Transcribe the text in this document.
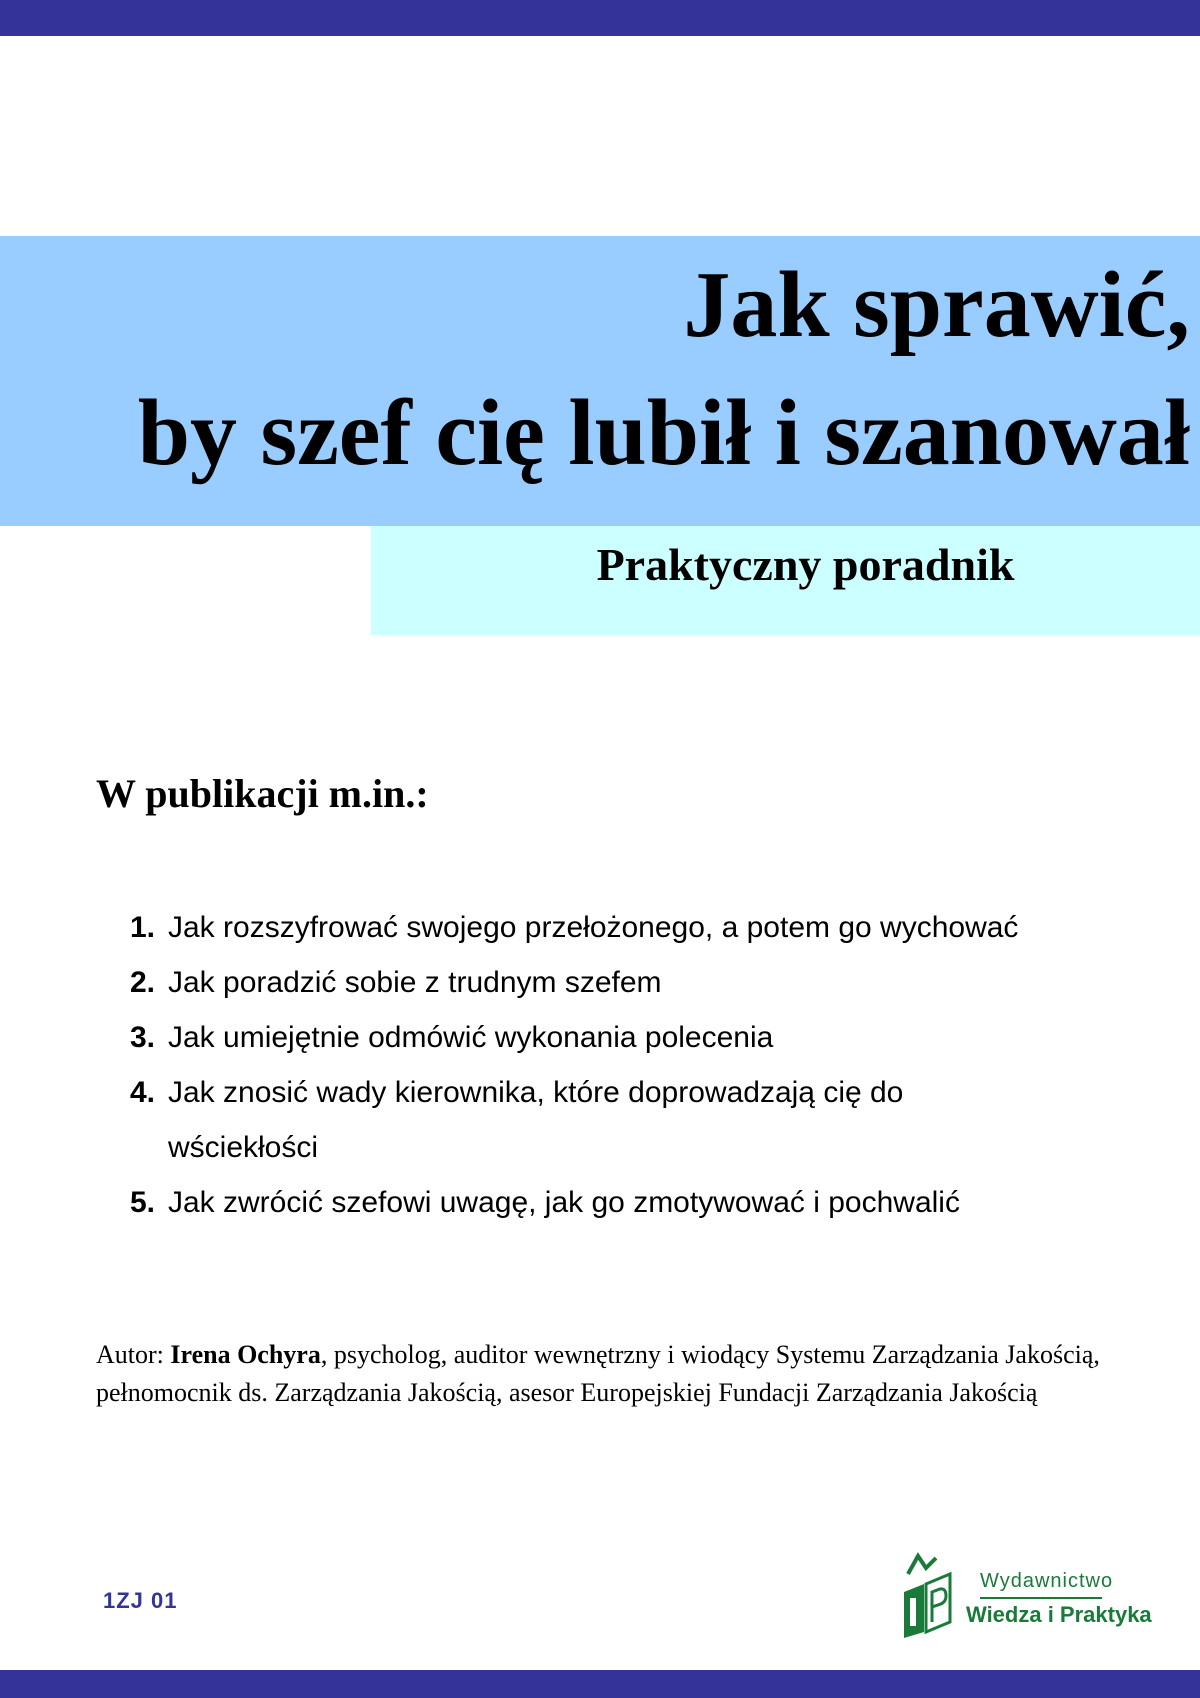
Jak sprawić,
by szef cię lubił i szanował
Praktyczny poradnik
W publikacji m.in.:
1. Jak rozszyfrować swojego przełożonego, a potem go wychować
2. Jak poradzić sobie z trudnym szefem
3. Jak umiejętnie odmówić wykonania polecenia
4. Jak znosić wady kierownika, które doprowadzają cię do wściekłości
5. Jak zwrócić szefowi uwagę, jak go zmotywować i pochwalić

Autor: Irena Ochyra, psycholog, auditor wewnętrzny i wiodący Systemu Zarządzania Jakością, pełnomocnik ds. Zarządzania Jakością, asesor Europejskiej Fundacji Zarządzania Jakością

1ZJ 01
Wydawnictwo
Wiedza i Praktyka
